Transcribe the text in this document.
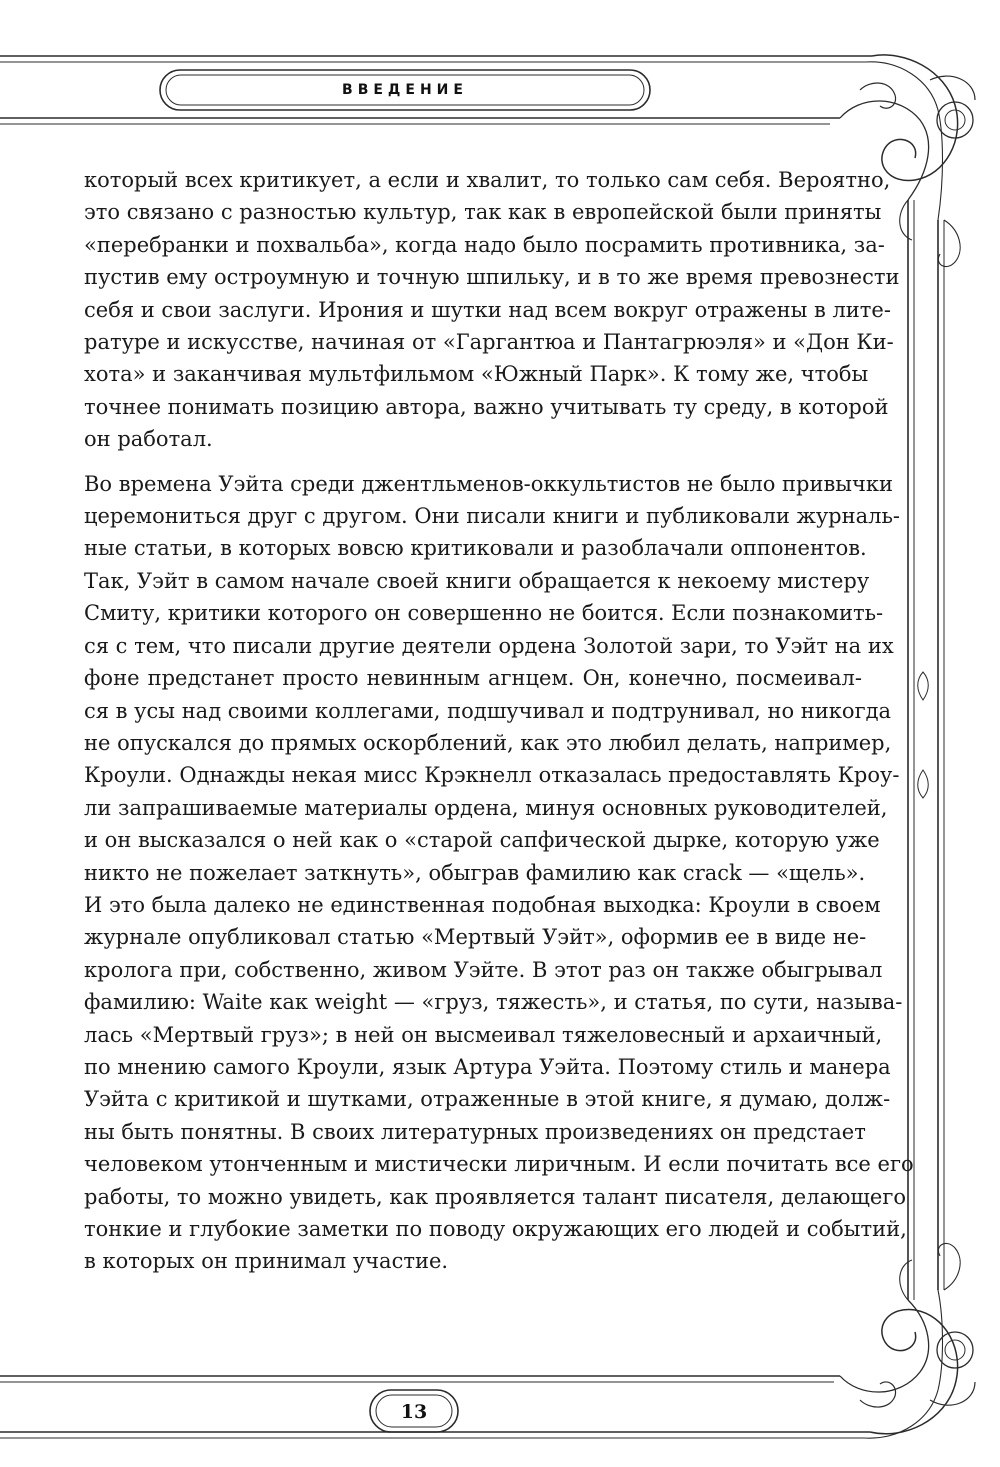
ВВЕДЕНИЕ

который всех критикует, а если и хвалит, то только сам себя. Вероятно,
это связано с разностью культур, так как в европейской были приняты
«перебранки и похвальба», когда надо было посрамить противника, за-
пустив ему остроумную и точную шпильку, и в то же время превознести
себя и свои заслуги. Ирония и шутки над всем вокруг отражены в лите-
ратуре и искусстве, начиная от «Гаргантюа и Пантагрюэля» и «Дон Ки-
хота» и заканчивая мультфильмом «Южный Парк». К тому же, чтобы
точнее понимать позицию автора, важно учитывать ту среду, в которой
он работал.

Во времена Уэйта среди джентльменов-оккультистов не было привычки
церемониться друг с другом. Они писали книги и публиковали журналь-
ные статьи, в которых вовсю критиковали и разоблачали оппонентов.
Так, Уэйт в самом начале своей книги обращается к некоему мистеру
Смиту, критики которого он совершенно не боится. Если познакомить-
ся с тем, что писали другие деятели ордена Золотой зари, то Уэйт на их
фоне предстанет просто невинным агнцем. Он, конечно, посмеивал-
ся в усы над своими коллегами, подшучивал и подтрунивал, но никогда
не опускался до прямых оскорблений, как это любил делать, например,
Кроули. Однажды некая мисс Крэкнелл отказалась предоставлять Кроу-
ли запрашиваемые материалы ордена, минуя основных руководителей,
и он высказался о ней как о «старой сапфической дырке, которую уже
никто не пожелает заткнуть», обыграв фамилию как crack — «щель».
И это была далеко не единственная подобная выходка: Кроули в своем
журнале опубликовал статью «Мертвый Уэйт», оформив ее в виде не-
кролога при, собственно, живом Уэйте. В этот раз он также обыгрывал
фамилию: Waite как weight — «груз, тяжесть», и статья, по сути, называ-
лась «Мертвый груз»; в ней он высмеивал тяжеловесный и архаичный,
по мнению самого Кроули, язык Артура Уэйта. Поэтому стиль и манера
Уэйта с критикой и шутками, отраженные в этой книге, я думаю, долж-
ны быть понятны. В своих литературных произведениях он предстает
человеком утонченным и мистически лиричным. И если почитать все его
работы, то можно увидеть, как проявляется талант писателя, делающего
тонкие и глубокие заметки по поводу окружающих его людей и событий,
в которых он принимал участие.

13
